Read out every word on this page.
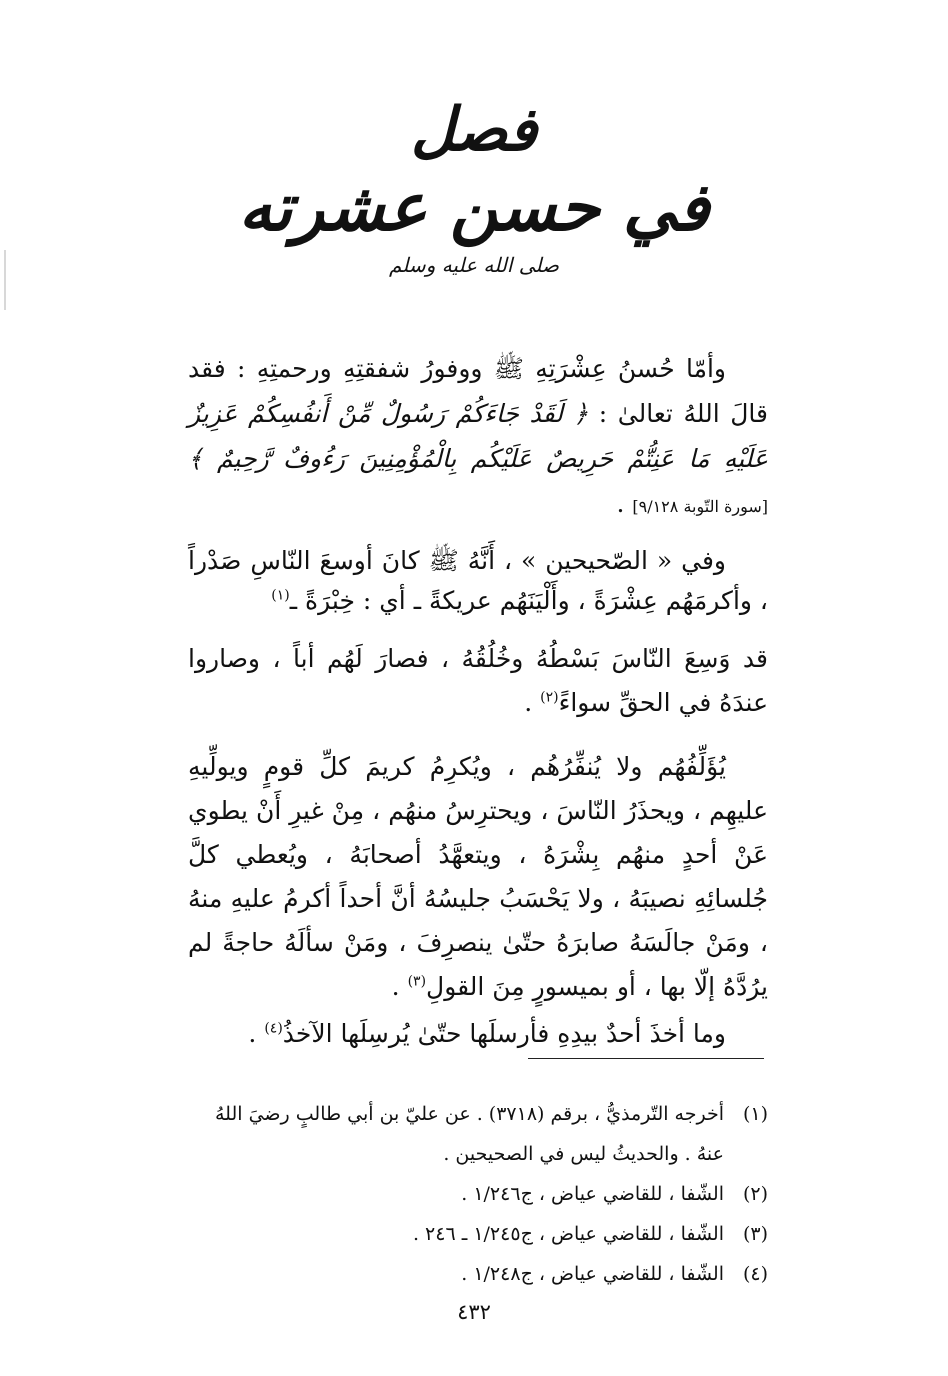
فصل
في حسن عشرته
صلى الله عليه وسلم

وأمّا حُسنُ عِشْرَتِهِ ﷺ ووفورُ شفقتِهِ ورحمتِهِ : فقد قالَ اللهُ تعالىٰ : ﴿ لَقَدْ جَاءَكُمْ رَسُولٌ مِّنْ أَنفُسِكُمْ عَزِيزٌ عَلَيْهِ مَا عَنِتُّمْ حَرِيصٌ عَلَيْكُم بِالْمُؤْمِنِينَ رَءُوفٌ رَّحِيمٌ ﴾ [سورة التّوبة ٩/١٢٨] .

وفي « الصّحيحين » ، أَنَّهُ ﷺ كانَ أوسعَ النّاسِ صَدْراً ، وأكرمَهُم عِشْرَةً ، وأَلْيَنَهُم عريكةً ـ أي : خِبْرَةً ـ$^{(١)}$

قد وَسِعَ النّاسَ بَسْطُهُ وخُلُقُهُ ، فصارَ لَهُم أباً ، وصاروا عندَهُ في الحقِّ سواءً$^{(٢)}$ .

يُؤَلِّفُهُم ولا يُنفِّرُهُم ، ويُكرِمُ كريمَ كلِّ قومٍ ويولِّيهِ عليهِم ، ويحذَرُ النّاسَ ، ويحترِسُ منهُم ، مِنْ غيرِ أَنْ يطوي عَنْ أحدٍ منهُم بِشْرَهُ ، ويتعهَّدُ أصحابَهُ ، ويُعطي كلَّ جُلسائِهِ نصيبَهُ ، ولا يَحْسَبُ جليسُهُ أنَّ أحداً أكرمُ عليهِ منهُ ، ومَنْ جالَسَهُ صابرَهُ حتّىٰ ينصرِفَ ، ومَنْ سألَهُ حاجةً لم يرُدَّهُ إلّا بها ، أو بميسورٍ مِنَ القولِ$^{(٣)}$ .

وما أخذَ أحدٌ بيدِهِ فأرسلَها حتّىٰ يُرسِلَها الآخذُ$^{(٤)}$ .

(١)
أخرجه التّرمذيُّ ، برقم (٣٧١٨) . عن عليّ بن أبي طالبٍ رضيَ اللهُ عنهُ . والحديثُ ليس في الصحيحين .
(٢)
الشّفا ، للقاضي عياض ، ج١/٢٤٦ .
(٣)
الشّفا ، للقاضي عياض ، ج١/٢٤٥ ـ ٢٤٦ .
(٤)
الشّفا ، للقاضي عياض ، ج١/٢٤٨ .
٤٣٢
